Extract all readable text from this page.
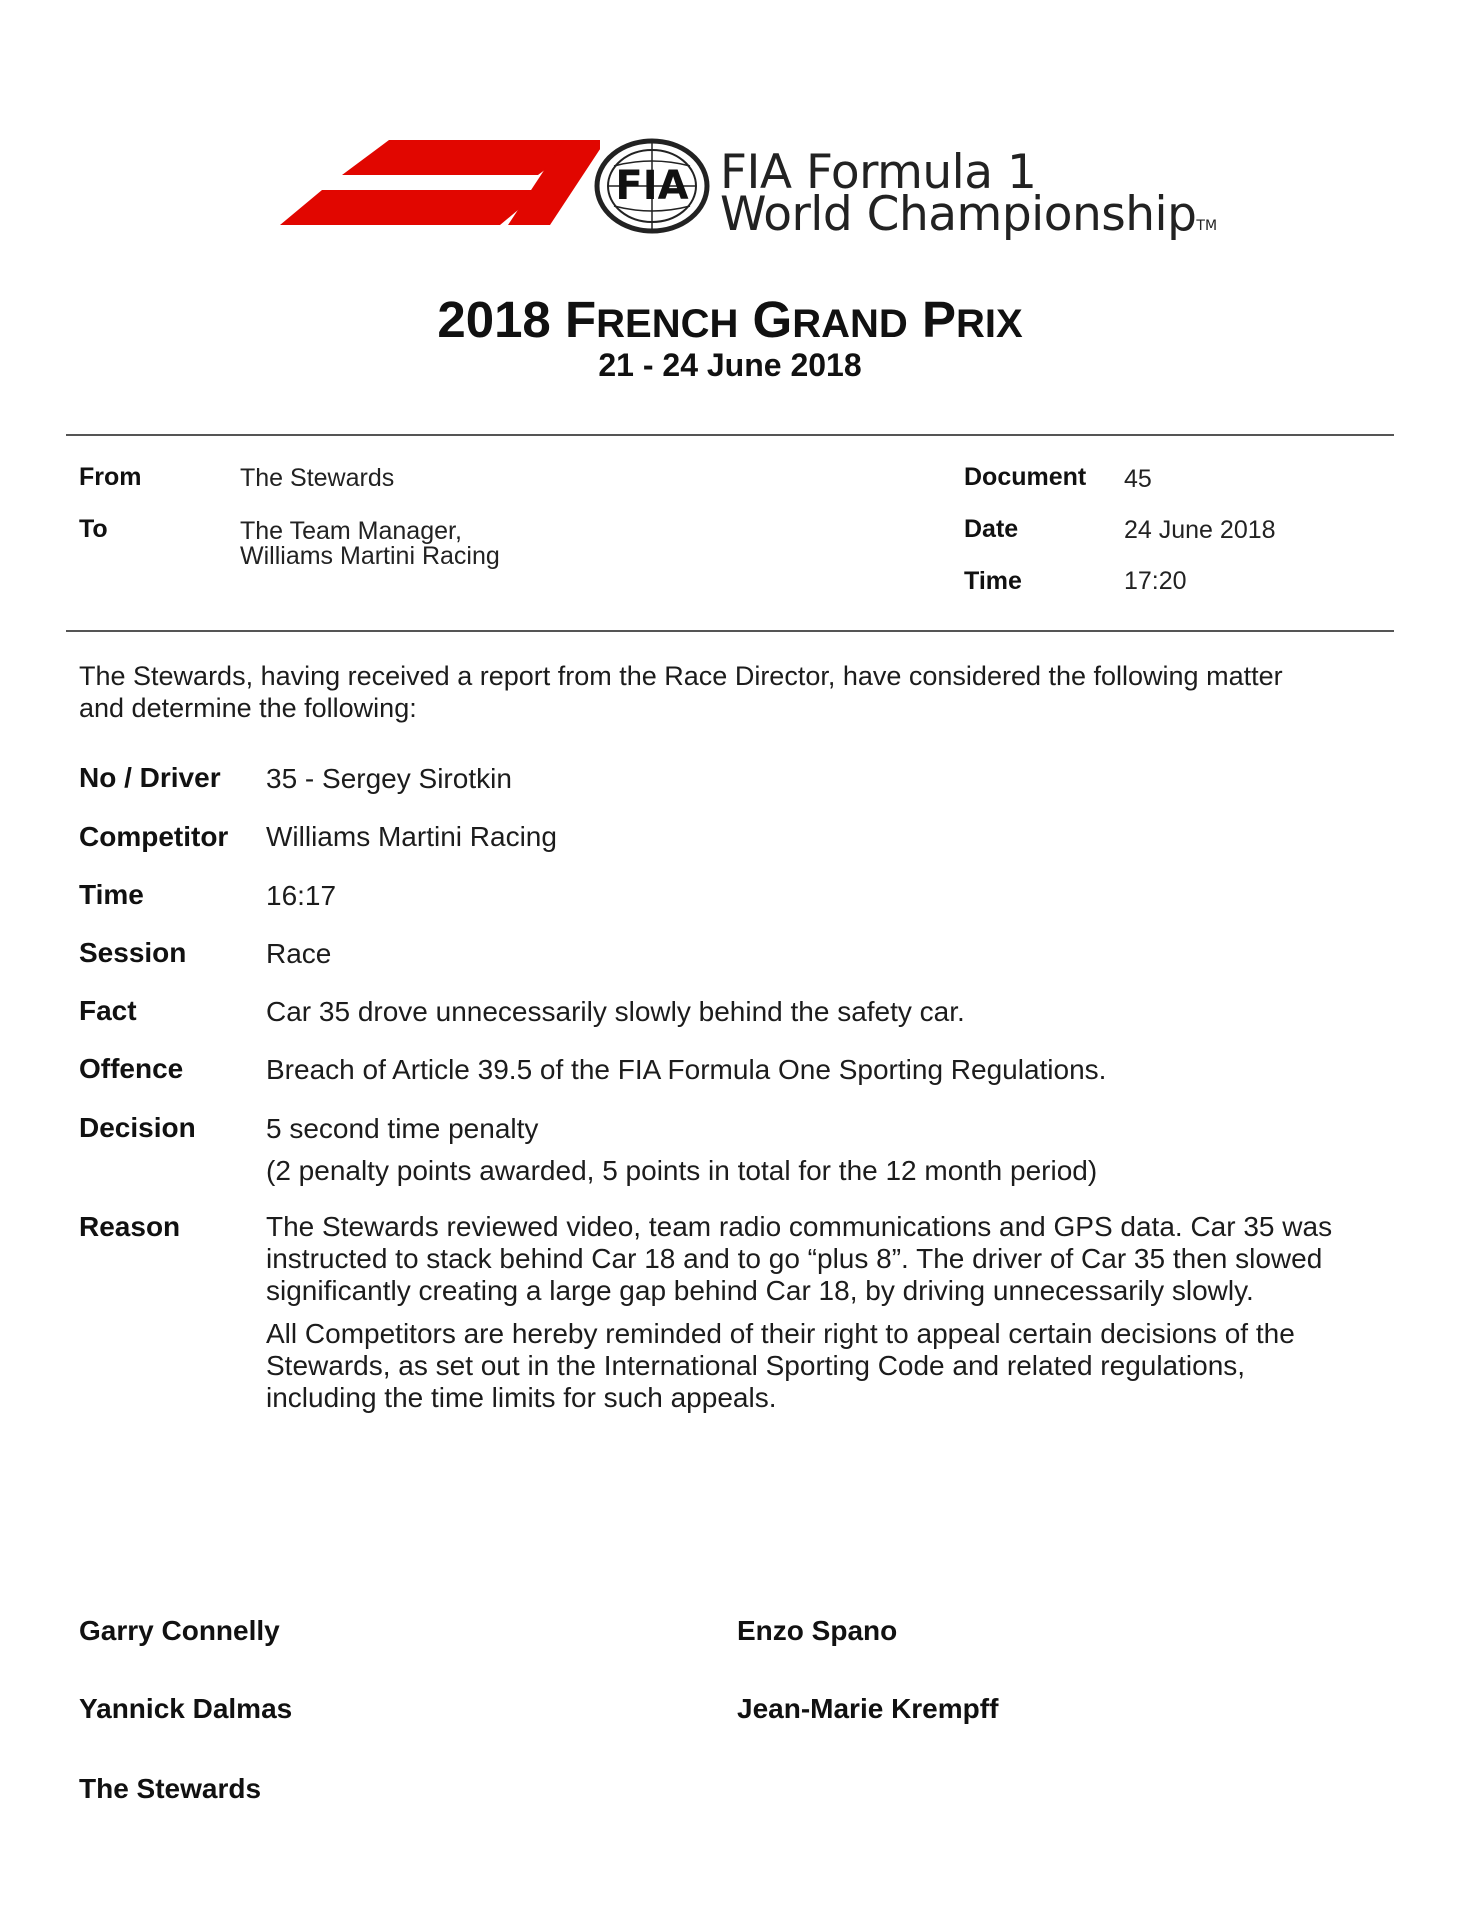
FIA FIA Formula 1
World ChampionshipTM
2018 FRENCH GRAND PRIX
21 - 24 June 2018
From	The Stewards
To	The Team Manager,
Williams Martini Racing
Document 45
Date	24 June 2018
Time	17:20
The Stewards, having received a report from the Race Director, have considered the following matter
and determine the following:
No / Driver 35 - Sergey Sirotkin
Competitor Williams Martini Racing
Time	16:17
Session	Race
Fact	Car 35 drove unnecessarily slowly behind the safety car.
Offence	Breach of Article 39.5 of the FIA Formula One Sporting Regulations.
Decision	5 second time penalty
(2 penalty points awarded, 5 points in total for the 12 month period)
Reason	The Stewards reviewed video, team radio communications and GPS data. Car 35 was
instructed to stack behind Car 18 and to go “plus 8”. The driver of Car 35 then slowed
significantly creating a large gap behind Car 18, by driving unnecessarily slowly.
All Competitors are hereby reminded of their right to appeal certain decisions of the
Stewards, as set out in the International Sporting Code and related regulations,
including the time limits for such appeals.
Garry Connelly	Enzo Spano
Yannick Dalmas	Jean-Marie Krempff
The Stewards
